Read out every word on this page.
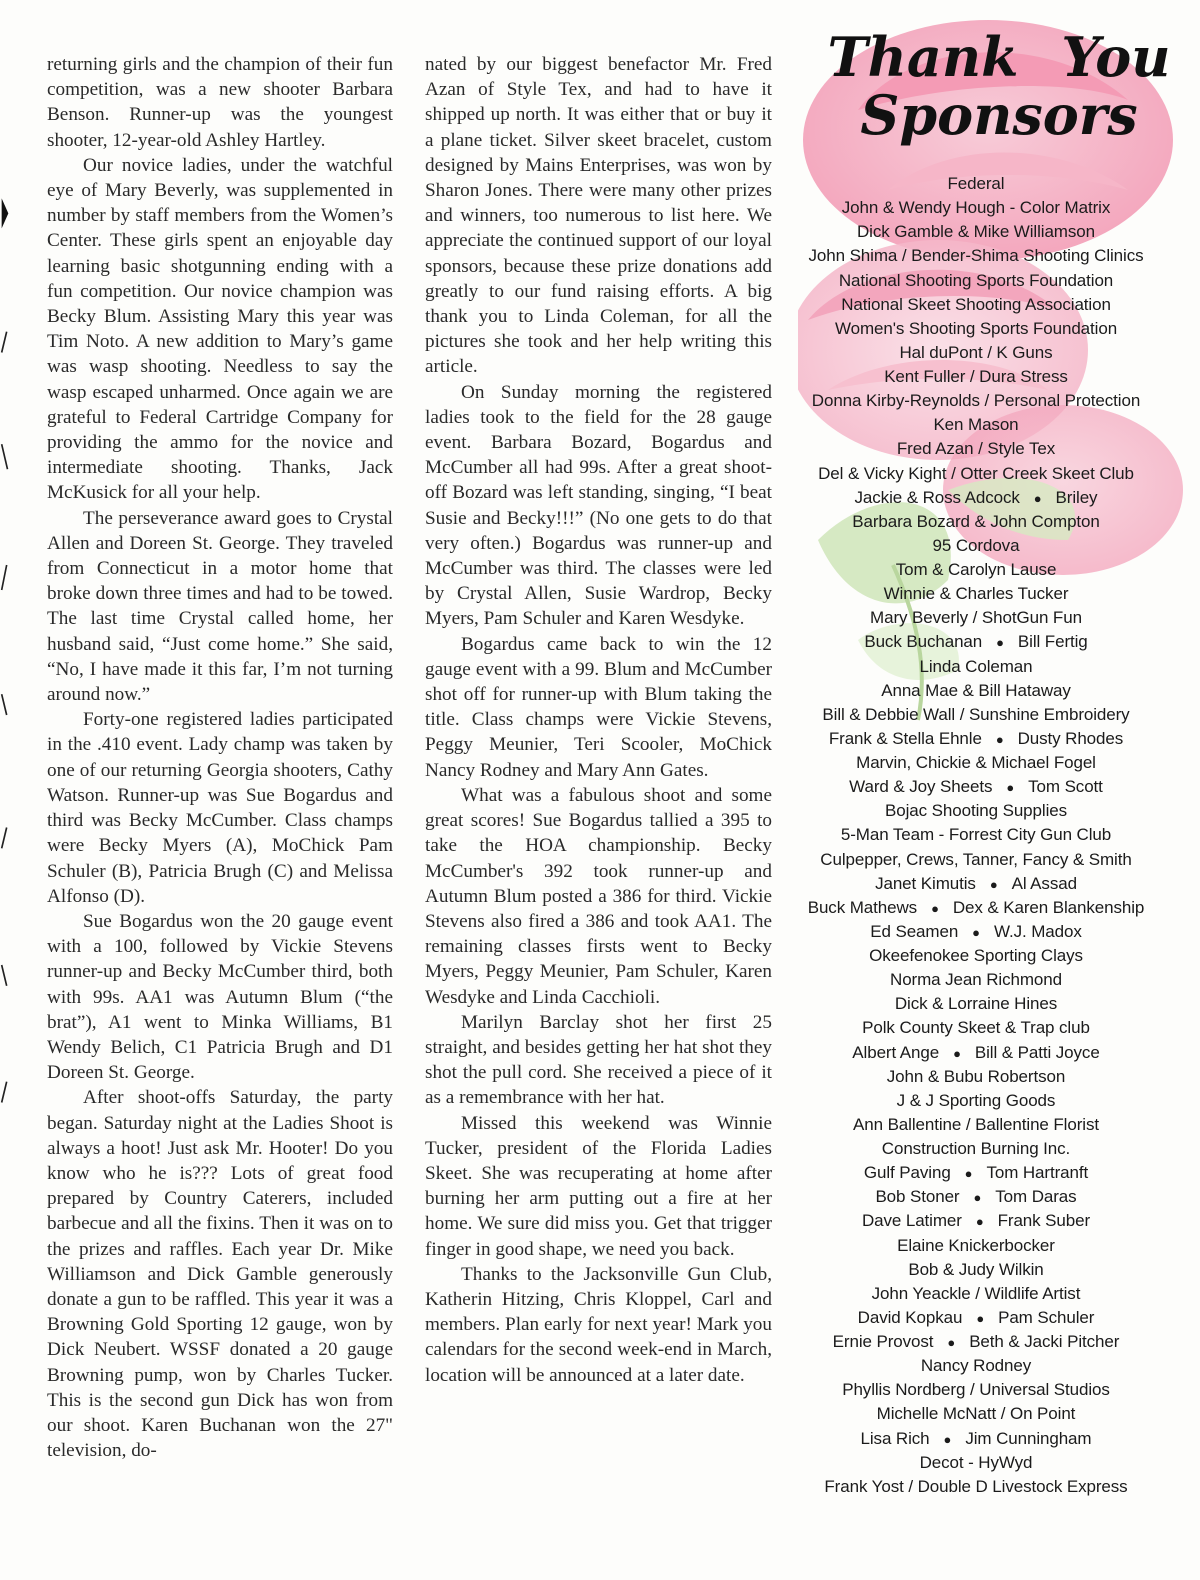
returning girls and the champion of their fun competition, was a new shooter Barbara Benson. Runner-up was the youngest shooter, 12-year-old Ashley Hartley.

Our novice ladies, under the watchful eye of Mary Beverly, was supplemented in number by staff members from the Women’s Center. These girls spent an enjoyable day learning basic shotgunning ending with a fun competition. Our novice champion was Becky Blum. Assisting Mary this year was Tim Noto. A new addition to Mary’s game was wasp shooting. Needless to say the wasp escaped unharmed. Once again we are grateful to Federal Cartridge Company for providing the ammo for the novice and intermediate shooting. Thanks, Jack McKusick for all your help.

The perseverance award goes to Crystal Allen and Doreen St. George. They traveled from Connecticut in a motor home that broke down three times and had to be towed. The last time Crystal called home, her husband said, “Just come home.” She said, “No, I have made it this far, I’m not turning around now.”

Forty-one registered ladies participated in the .410 event. Lady champ was taken by one of our returning Georgia shooters, Cathy Watson. Runner-up was Sue Bogardus and third was Becky McCumber. Class champs were Becky Myers (A), MoChick Pam Schuler (B), Patricia Brugh (C) and Melissa Alfonso (D).

Sue Bogardus won the 20 gauge event with a 100, followed by Vickie Stevens runner-up and Becky McCumber third, both with 99s. AA1 was Autumn Blum (“the brat”), A1 went to Minka Williams, B1 Wendy Belich, C1 Patricia Brugh and D1 Doreen St. George.

After shoot-offs Saturday, the party began. Saturday night at the Ladies Shoot is always a hoot! Just ask Mr. Hooter! Do you know who he is??? Lots of great food prepared by Country Caterers, included barbecue and all the fixins. Then it was on to the prizes and raffles. Each year Dr. Mike Williamson and Dick Gamble generously donate a gun to be raffled. This year it was a Browning Gold Sporting 12 gauge, won by Dick Neubert. WSSF donated a 20 gauge Browning pump, won by Charles Tucker. This is the second gun Dick has won from our shoot. Karen Buchanan won the 27" television, do-

nated by our biggest benefactor Mr. Fred Azan of Style Tex, and had to have it shipped up north. It was either that or buy it a plane ticket. Silver skeet bracelet, custom designed by Mains Enterprises, was won by Sharon Jones. There were many other prizes and winners, too numerous to list here. We appreciate the continued support of our loyal sponsors, because these prize donations add greatly to our fund raising efforts. A big thank you to Linda Coleman, for all the pictures she took and her help writing this article.

On Sunday morning the registered ladies took to the field for the 28 gauge event. Barbara Bozard, Bogardus and McCumber all had 99s. After a great shoot-off Bozard was left standing, singing, “I beat Susie and Becky!!!” (No one gets to do that very often.) Bogardus was runner-up and McCumber was third. The classes were led by Crystal Allen, Susie Wardrop, Becky Myers, Pam Schuler and Karen Wesdyke.

Bogardus came back to win the 12 gauge event with a 99. Blum and McCumber shot off for runner-up with Blum taking the title. Class champs were Vickie Stevens, Peggy Meunier, Teri Scooler, MoChick Nancy Rodney and Mary Ann Gates.

What was a fabulous shoot and some great scores! Sue Bogardus tallied a 395 to take the HOA championship. Becky McCumber's 392 took runner-up and Autumn Blum posted a 386 for third. Vickie Stevens also fired a 386 and took AA1. The remaining classes firsts went to Becky Myers, Peggy Meunier, Pam Schuler, Karen Wesdyke and Linda Cacchioli.

Marilyn Barclay shot her first 25 straight, and besides getting her hat shot they shot the pull cord. She received a piece of it as a remembrance with her hat.

Missed this weekend was Winnie Tucker, president of the Florida Ladies Skeet. She was recuperating at home after burning her arm putting out a fire at her home. We sure did miss you. Get that trigger finger in good shape, we need you back.

Thanks to the Jacksonville Gun Club, Katherin Hitzing, Chris Kloppel, Carl and members. Plan early for next year! Mark you calendars for the second week-end in March, location will be announced at a later date.

Thank You
Sponsors
Federal
John & Wendy Hough - Color Matrix
Dick Gamble & Mike Williamson
John Shima / Bender-Shima Shooting Clinics
National Shooting Sports Foundation
National Skeet Shooting Association
Women's Shooting Sports Foundation
Hal duPont / K Guns
Kent Fuller / Dura Stress
Donna Kirby-Reynolds / Personal Protection
Ken Mason
Fred Azan / Style Tex
Del & Vicky Kight / Otter Creek Skeet Club
Jackie & Ross Adcock ● Briley
Barbara Bozard & John Compton
95 Cordova
Tom & Carolyn Lause
Winnie & Charles Tucker
Mary Beverly / ShotGun Fun
Buck Buchanan ● Bill Fertig
Linda Coleman
Anna Mae & Bill Hataway
Bill & Debbie Wall / Sunshine Embroidery
Frank & Stella Ehnle ● Dusty Rhodes
Marvin, Chickie & Michael Fogel
Ward & Joy Sheets ● Tom Scott
Bojac Shooting Supplies
5-Man Team - Forrest City Gun Club
Culpepper, Crews, Tanner, Fancy & Smith
Janet Kimutis ● Al Assad
Buck Mathews ● Dex & Karen Blankenship
Ed Seamen ● W.J. Madox
Okeefenokee Sporting Clays
Norma Jean Richmond
Dick & Lorraine Hines
Polk County Skeet & Trap club
Albert Ange ● Bill & Patti Joyce
John & Bubu Robertson
J & J Sporting Goods
Ann Ballentine / Ballentine Florist
Construction Burning Inc.
Gulf Paving ● Tom Hartranft
Bob Stoner ● Tom Daras
Dave Latimer ● Frank Suber
Elaine Knickerbocker
Bob & Judy Wilkin
John Yeackle / Wildlife Artist
David Kopkau ● Pam Schuler
Ernie Provost ● Beth & Jacki Pitcher
Nancy Rodney
Phyllis Nordberg / Universal Studios
Michelle McNatt / On Point
Lisa Rich ● Jim Cunningham
Decot - HyWyd
Frank Yost / Double D Livestock Express
